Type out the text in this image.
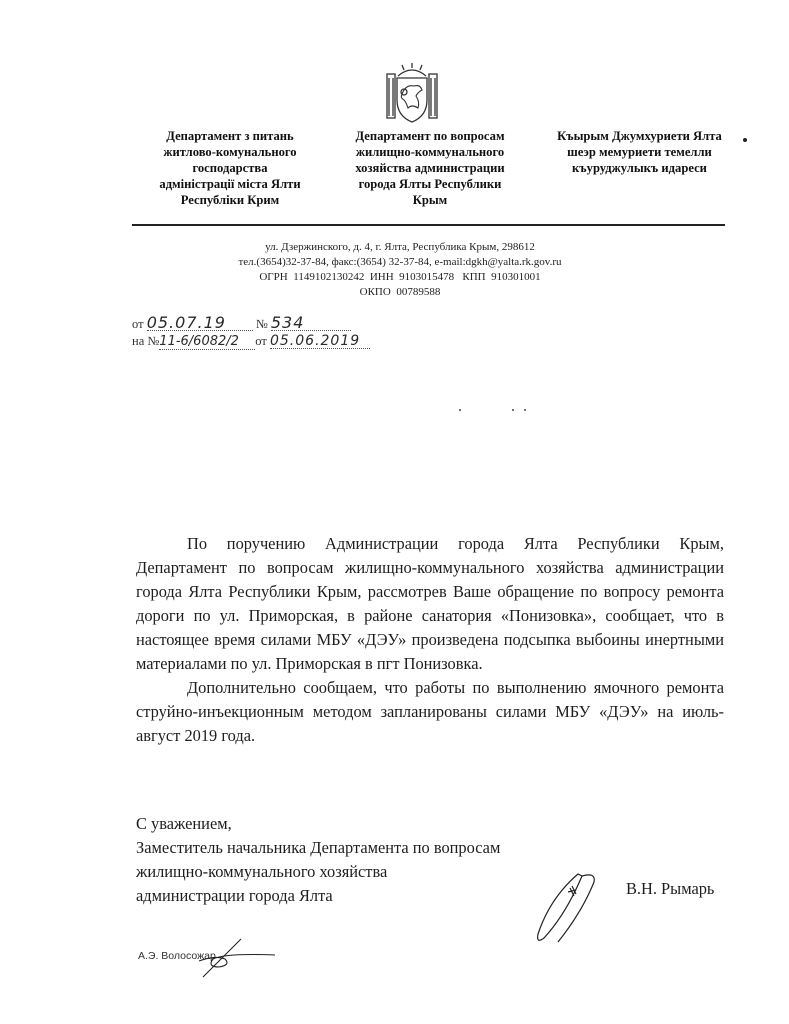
Департамент з питань
житлово-комунального
господарства
адміністрації міста Ялти
Республіки Крим
Департамент по вопросам
жилищно-коммунального
хозяйства администрации
города Ялты Республики
Крым
Къырым Джумхуриети Ялта
шеэр мемуриети темелли
къуруджулыкъ идареси
ул. Дзержинского, д. 4, г. Ялта, Республика Крым, 298612
тел.(3654)32-37-84, факс:(3654) 32-37-84, e-mail:dgkh@yalta.rk.gov.ru
ОГРН  1149102130242  ИНН  9103015478   КПП  910301001
ОКПО  00789588
от 05.07.19 № 534
на №11-6/6082/2 от 05.06.2019

По поручению Администрации города Ялта Республики Крым, Департамент по вопросам жилищно-коммунального хозяйства администрации города Ялта Республики Крым, рассмотрев Ваше обращение по вопросу ремонта дороги по ул. Приморская, в районе санатория «Понизовка», сообщает, что в настоящее время силами МБУ «ДЭУ» произведена подсыпка выбоины инертными материалами по ул. Приморская в пгт Понизовка.

Дополнительно сообщаем, что работы по выполнению ямочного ремонта струйно-инъекционным методом запланированы силами МБУ «ДЭУ» на июль-август 2019 года.

С уважением,
Заместитель начальника Департамента по вопросам
жилищно-коммунального хозяйства
администрации города Ялта	В.Н. Рымарь
А.Э. Волосожар
